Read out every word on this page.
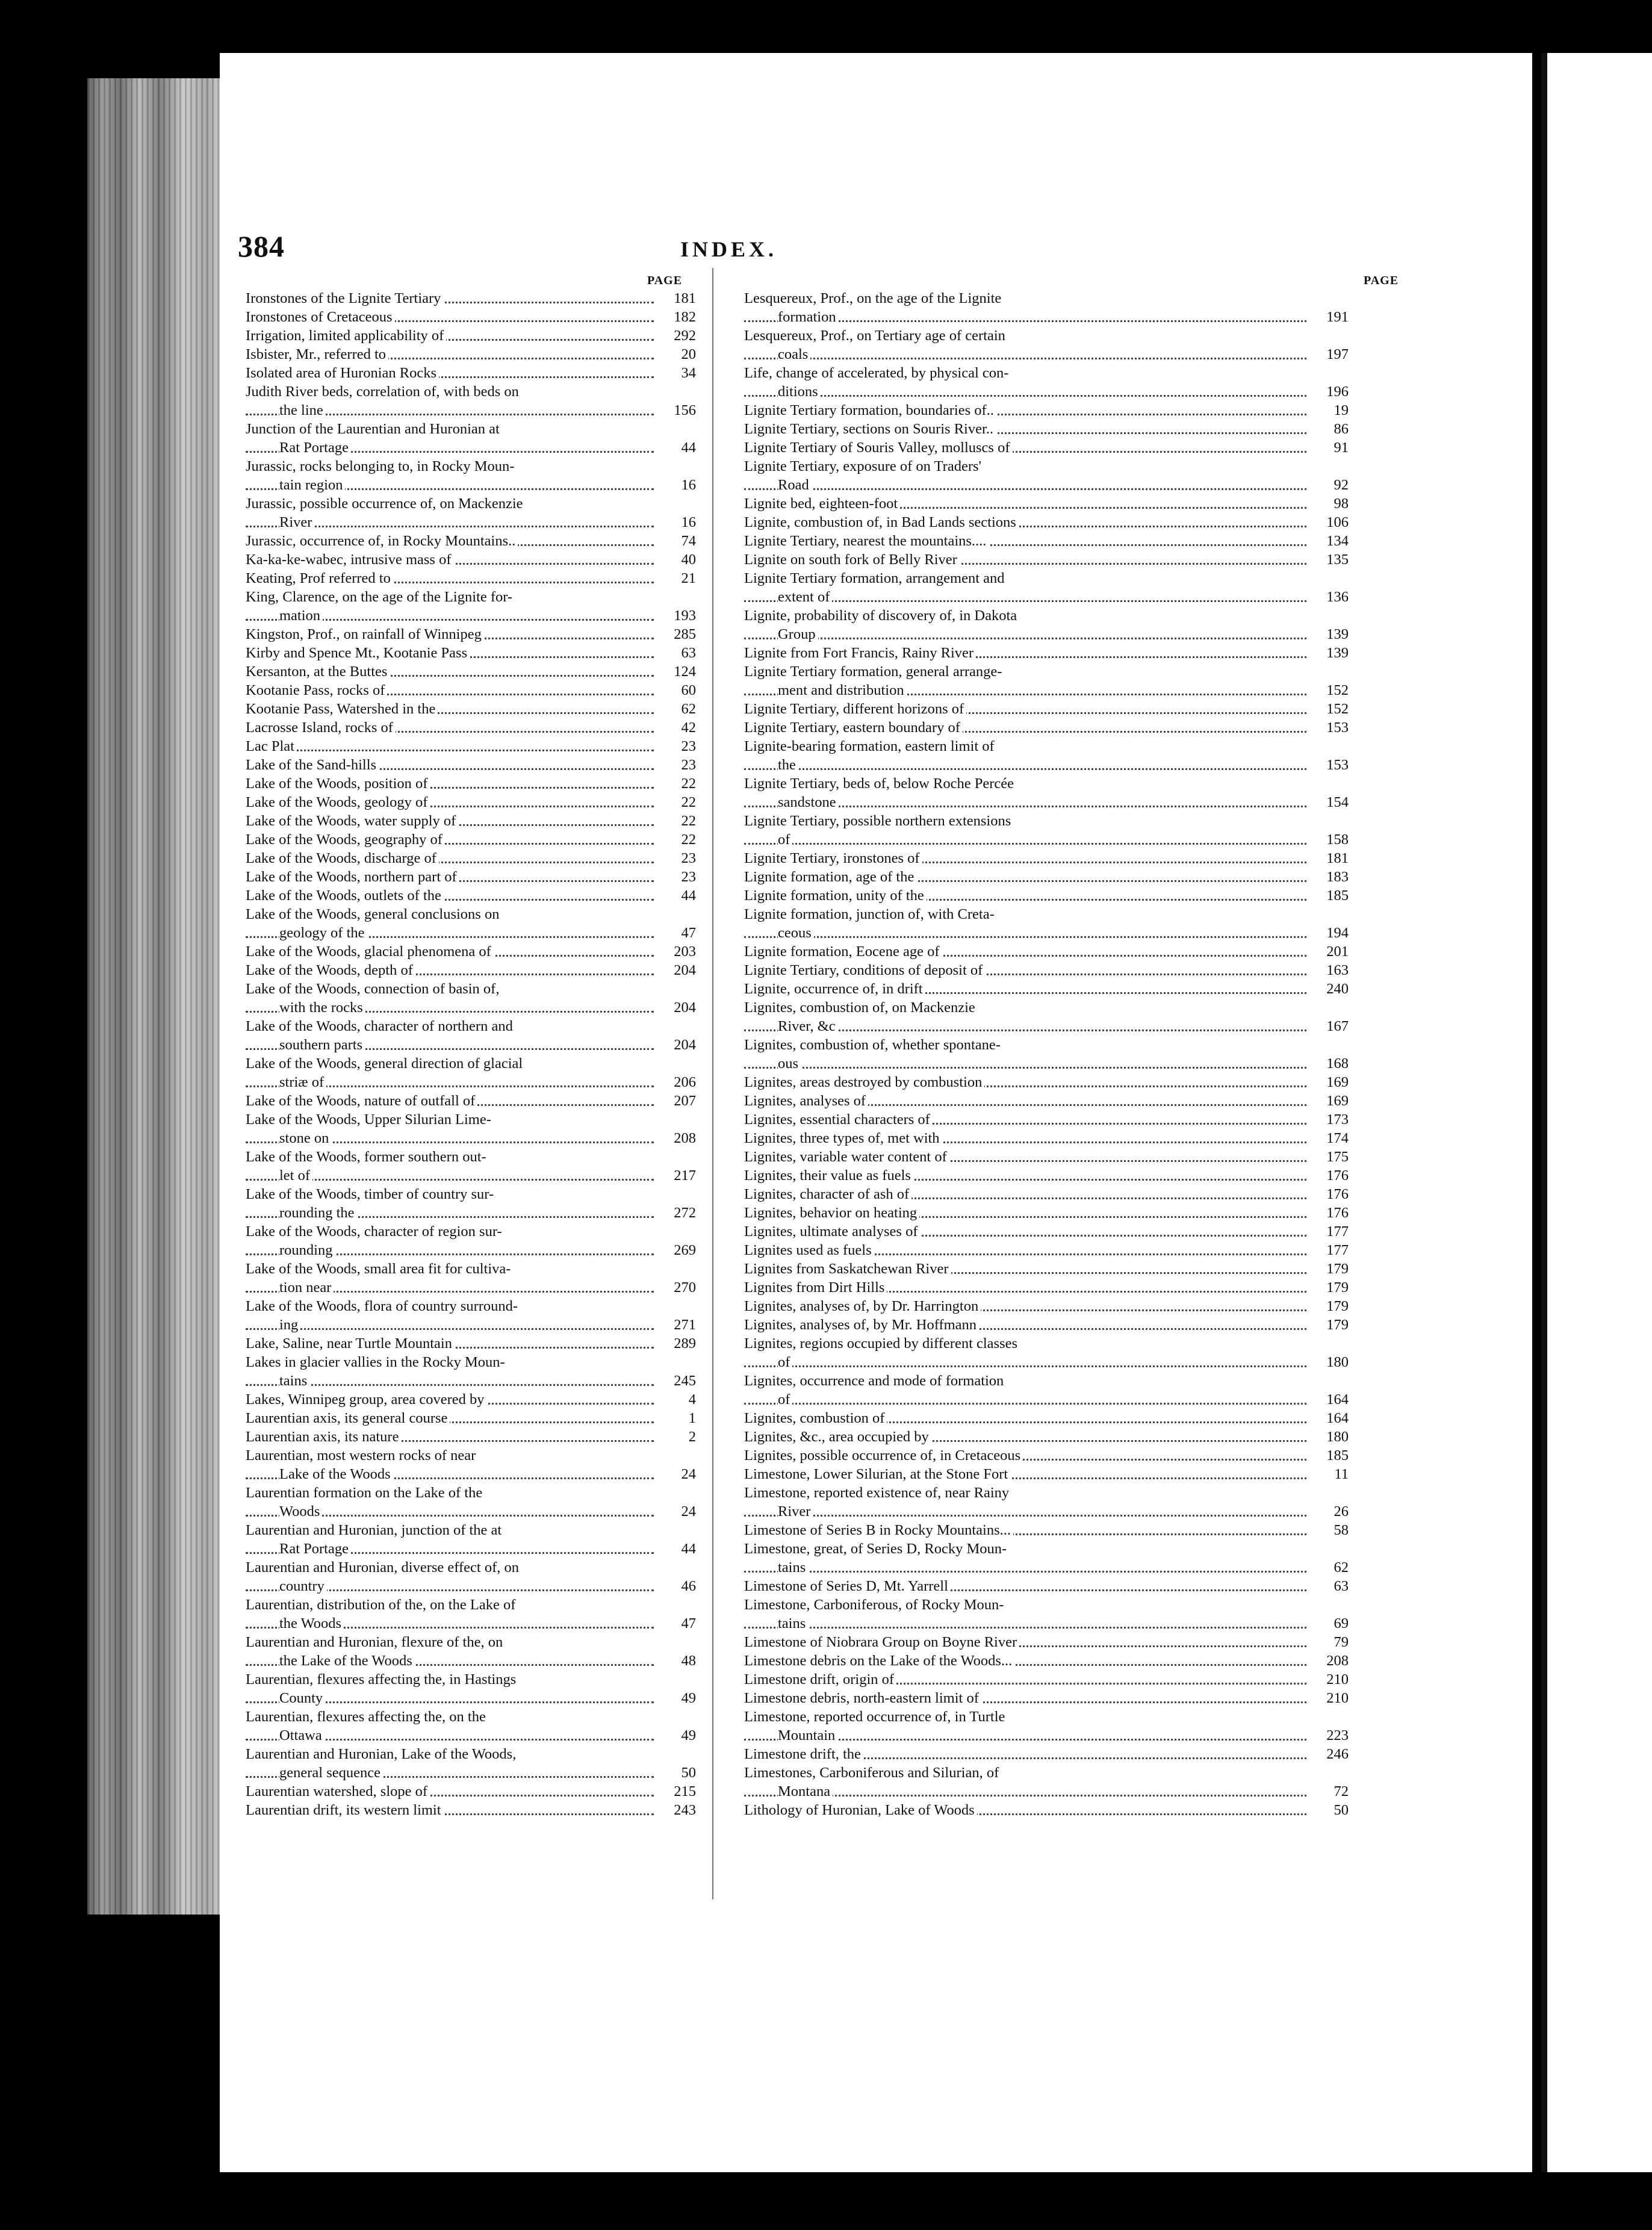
384	INDEX.
PAGE	PAGE
Ironstones of the Lignite Tertiary	181
Ironstones of Cretaceous	182
Irrigation, limited applicability of	292
Isbister, Mr., referred to	20
Isolated area of Huronian Rocks	34
Judith River beds, correlation of, with beds on
the line	156
Junction of the Laurentian and Huronian at
Rat Portage	44
Jurassic, rocks belonging to, in Rocky Moun-
tain region	16
Jurassic, possible occurrence of, on Mackenzie
River	16
Jurassic, occurrence of, in Rocky Mountains..	74
Ka-ka-ke-wabec, intrusive mass of	40
Keating, Prof referred to	21
King, Clarence, on the age of the Lignite for-
mation	193
Kingston, Prof., on rainfall of Winnipeg	285
Kirby and Spence Mt., Kootanie Pass	63
Kersanton, at the Buttes	124
Kootanie Pass, rocks of	60
Kootanie Pass, Watershed in the	62
Lacrosse Island, rocks of	42
Lac Plat	23
Lake of the Sand-hills	23
Lake of the Woods, position of	22
Lake of the Woods, geology of	22
Lake of the Woods, water supply of	22
Lake of the Woods, geography of	22
Lake of the Woods, discharge of	23
Lake of the Woods, northern part of	23
Lake of the Woods, outlets of the	44
Lake of the Woods, general conclusions on
geology of the	47
Lake of the Woods, glacial phenomena of	203
Lake of the Woods, depth of	204
Lake of the Woods, connection of basin of,
with the rocks	204
Lake of the Woods, character of northern and
southern parts	204
Lake of the Woods, general direction of glacial
striæ of	206
Lake of the Woods, nature of outfall of	207
Lake of the Woods, Upper Silurian Lime-
stone on	208
Lake of the Woods, former southern out-
let of	217
Lake of the Woods, timber of country sur-
rounding the	272
Lake of the Woods, character of region sur-
rounding	269
Lake of the Woods, small area fit for cultiva-
tion near	270
Lake of the Woods, flora of country surround-
ing	271
Lake, Saline, near Turtle Mountain	289
Lakes in glacier vallies in the Rocky Moun-
tains	245
Lakes, Winnipeg group, area covered by	4
Laurentian axis, its general course	1
Laurentian axis, its nature	2
Laurentian, most western rocks of near
Lake of the Woods	24
Laurentian formation on the Lake of the
Woods	24
Laurentian and Huronian, junction of the at
Rat Portage	44
Laurentian and Huronian, diverse effect of, on
country	46
Laurentian, distribution of the, on the Lake of
the Woods	47
Laurentian and Huronian, flexure of the, on
the Lake of the Woods	48
Laurentian, flexures affecting the, in Hastings
County	49
Laurentian, flexures affecting the, on the
Ottawa	49
Laurentian and Huronian, Lake of the Woods,
general sequence	50
Laurentian watershed, slope of	215
Laurentian drift, its western limit	243
Lesquereux, Prof., on the age of the Lignite
formation	191
Lesquereux, Prof., on Tertiary age of certain
coals	197
Life, change of accelerated, by physical con-
ditions	196
Lignite Tertiary formation, boundaries of..	19
Lignite Tertiary, sections on Souris River..	86
Lignite Tertiary of Souris Valley, molluscs of	91
Lignite Tertiary, exposure of on Traders'
Road	92
Lignite bed, eighteen-foot	98
Lignite, combustion of, in Bad Lands sections	106
Lignite Tertiary, nearest the mountains....	134
Lignite on south fork of Belly River	135
Lignite Tertiary formation, arrangement and
extent of	136
Lignite, probability of discovery of, in Dakota
Group	139
Lignite from Fort Francis, Rainy River	139
Lignite Tertiary formation, general arrange-
ment and distribution	152
Lignite Tertiary, different horizons of	152
Lignite Tertiary, eastern boundary of	153
Lignite-bearing formation, eastern limit of
the	153
Lignite Tertiary, beds of, below Roche Percée
sandstone	154
Lignite Tertiary, possible northern extensions
of	158
Lignite Tertiary, ironstones of	181
Lignite formation, age of the	183
Lignite formation, unity of the	185
Lignite formation, junction of, with Creta-
ceous	194
Lignite formation, Eocene age of	201
Lignite Tertiary, conditions of deposit of	163
Lignite, occurrence of, in drift	240
Lignites, combustion of, on Mackenzie
River, &c	167
Lignites, combustion of, whether spontane-
ous	168
Lignites, areas destroyed by combustion	169
Lignites, analyses of	169
Lignites, essential characters of	173
Lignites, three types of, met with	174
Lignites, variable water content of	175
Lignites, their value as fuels	176
Lignites, character of ash of	176
Lignites, behavior on heating	176
Lignites, ultimate analyses of	177
Lignites used as fuels	177
Lignites from Saskatchewan River	179
Lignites from Dirt Hills	179
Lignites, analyses of, by Dr. Harrington	179
Lignites, analyses of, by Mr. Hoffmann	179
Lignites, regions occupied by different classes
of	180
Lignites, occurrence and mode of formation
of	164
Lignites, combustion of	164
Lignites, &c., area occupied by	180
Lignites, possible occurrence of, in Cretaceous	185
Limestone, Lower Silurian, at the Stone Fort	11
Limestone, reported existence of, near Rainy
River	26
Limestone of Series B in Rocky Mountains...	58
Limestone, great, of Series D, Rocky Moun-
tains	62
Limestone of Series D, Mt. Yarrell	63
Limestone, Carboniferous, of Rocky Moun-
tains	69
Limestone of Niobrara Group on Boyne River	79
Limestone debris on the Lake of the Woods...	208
Limestone drift, origin of	210
Limestone debris, north-eastern limit of	210
Limestone, reported occurrence of, in Turtle
Mountain	223
Limestone drift, the	246
Limestones, Carboniferous and Silurian, of
Montana	72
Lithology of Huronian, Lake of Woods	50
